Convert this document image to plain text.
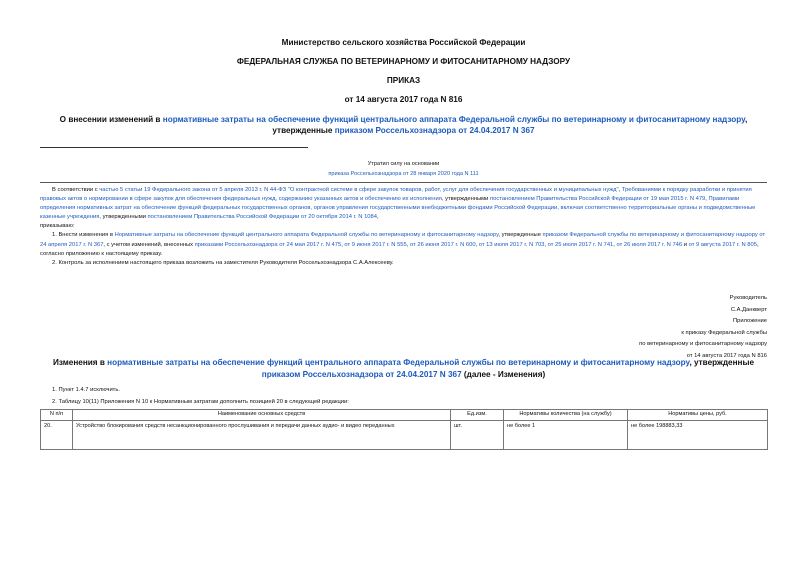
Министерство сельского хозяйства Российской Федерации
ФЕДЕРАЛЬНАЯ СЛУЖБА ПО ВЕТЕРИНАРНОМУ И ФИТОСАНИТАРНОМУ НАДЗОРУ
ПРИКАЗ
от 14 августа 2017 года N 816
О внесении изменений в нормативные затраты на обеспечение функций центрального аппарата Федеральной службы по ветеринарному и фитосанитарному надзору, утвержденные приказом Россельхознадзора от 24.04.2017 N 367
Утратил силу на основании
приказа Россельхознадзора от 28 января 2020 года N 111

В соответствии с частью 5 статьи 19 Федерального закона от 5 апреля 2013 г. N 44-ФЗ "О контрактной системе в сфере закупок товаров, работ, услуг для обеспечения государственных и муниципальных нужд", Требованиями к порядку разработки и принятия правовых актов о нормировании в сфере закупок для обеспечения федеральных нужд, содержанию указанных актов и обеспечению их исполнения, утвержденными постановлением Правительства Российской Федерации от 19 мая 2015 г. N 479, Правилами определения нормативных затрат на обеспечение функций федеральных государственных органов, органов управления государственными внебюджетными фондами Российской Федерации, включая соответственно территориальные органы и подведомственные казенные учреждения, утвержденными постановлением Правительства Российской Федерации от 20 октября 2014 г. N 1084,

приказываю:

1. Внести изменения в Нормативные затраты на обеспечение функций центрального аппарата Федеральной службы по ветеринарному и фитосанитарному надзору, утвержденные приказом Федеральной службы по ветеринарному и фитосанитарному надзору от 24 апреля 2017 г. N 367, с учетом изменений, внесенных приказами Россельхознадзора от 24 мая 2017 г. N 475, от 9 июня 2017 г. N 555, от 26 июня 2017 г. N 600, от 13 июля 2017 г. N 703, от 25 июля 2017 г. N 741, от 26 июля 2017 г. N 746 и от 9 августа 2017 г. N 805, согласно приложению к настоящему приказу.

2. Контроль за исполнением настоящего приказа возложить на заместителя Руководителя Россельхознадзора С.А.Алексееву.

Руководитель
С.А.Данкверт
Приложение
к приказу Федеральной службы
по ветеринарному и фитосанитарному надзору
от 14 августа 2017 года N 816
Изменения в нормативные затраты на обеспечение функций центрального аппарата Федеральной службы по ветеринарному и фитосанитарному надзору, утвержденные приказом Россельхознадзора от 24.04.2017 N 367 (далее - Изменения)

1. Пункт 1.4.7 исключить.

2. Таблицу 10(11) Приложения N 10 к Нормативным затратам дополнить позицией 20 в следующей редакции:

N п/п	Наименование основных средств	Ед.изм.	Нормативы количества (на службу)	Нормативы цены, руб.
20.	Устройство блокирования средств несанкционированного прослушивания и передачи данных аудио- и видео переданных	шт.	не более 1	не более 198883,33
